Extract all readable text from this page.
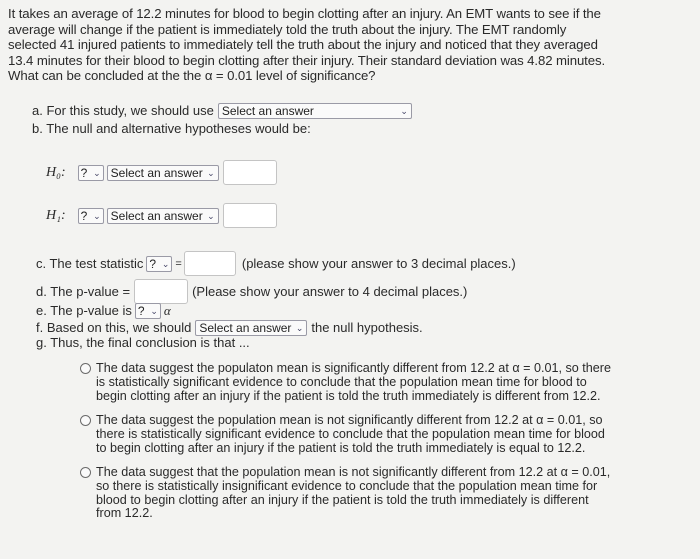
It takes an average of 12.2 minutes for blood to begin clotting after an injury. An EMT wants to see if the

average will change if the patient is immediately told the truth about the injury. The EMT randomly

selected 41 injured patients to immediately tell the truth about the injury and noticed that they averaged

13.4 minutes for their blood to begin clotting after their injury. Their standard deviation was 4.82 minutes.

What can be concluded at the the α = 0.01 level of significance?

a. For this study, we should use Select an answer	⌄
b. The null and alternative hypotheses would be:
H₀: ? ⌄ Select an answer ⌄
H₁: ? ⌄ Select an answer ⌄
c. The test statistic ? ⌄ =	(please show your answer to 3 decimal places.)
d. The p-value =	(Please show your answer to 4 decimal places.)
e. The p-value is ? ⌄ α
f. Based on this, we should Select an answer ⌄ the null hypothesis.
g. Thus, the final conclusion is that ...
The data suggest the populaton mean is significantly different from 12.2 at α = 0.01, so there
is statistically significant evidence to conclude that the population mean time for blood to
begin clotting after an injury if the patient is told the truth immediately is different from 12.2.
The data suggest the population mean is not significantly different from 12.2 at α = 0.01, so
there is statistically significant evidence to conclude that the population mean time for blood
to begin clotting after an injury if the patient is told the truth immediately is equal to 12.2.
The data suggest that the population mean is not significantly different from 12.2 at α = 0.01,
so there is statistically insignificant evidence to conclude that the population mean time for
blood to begin clotting after an injury if the patient is told the truth immediately is different
from 12.2.
